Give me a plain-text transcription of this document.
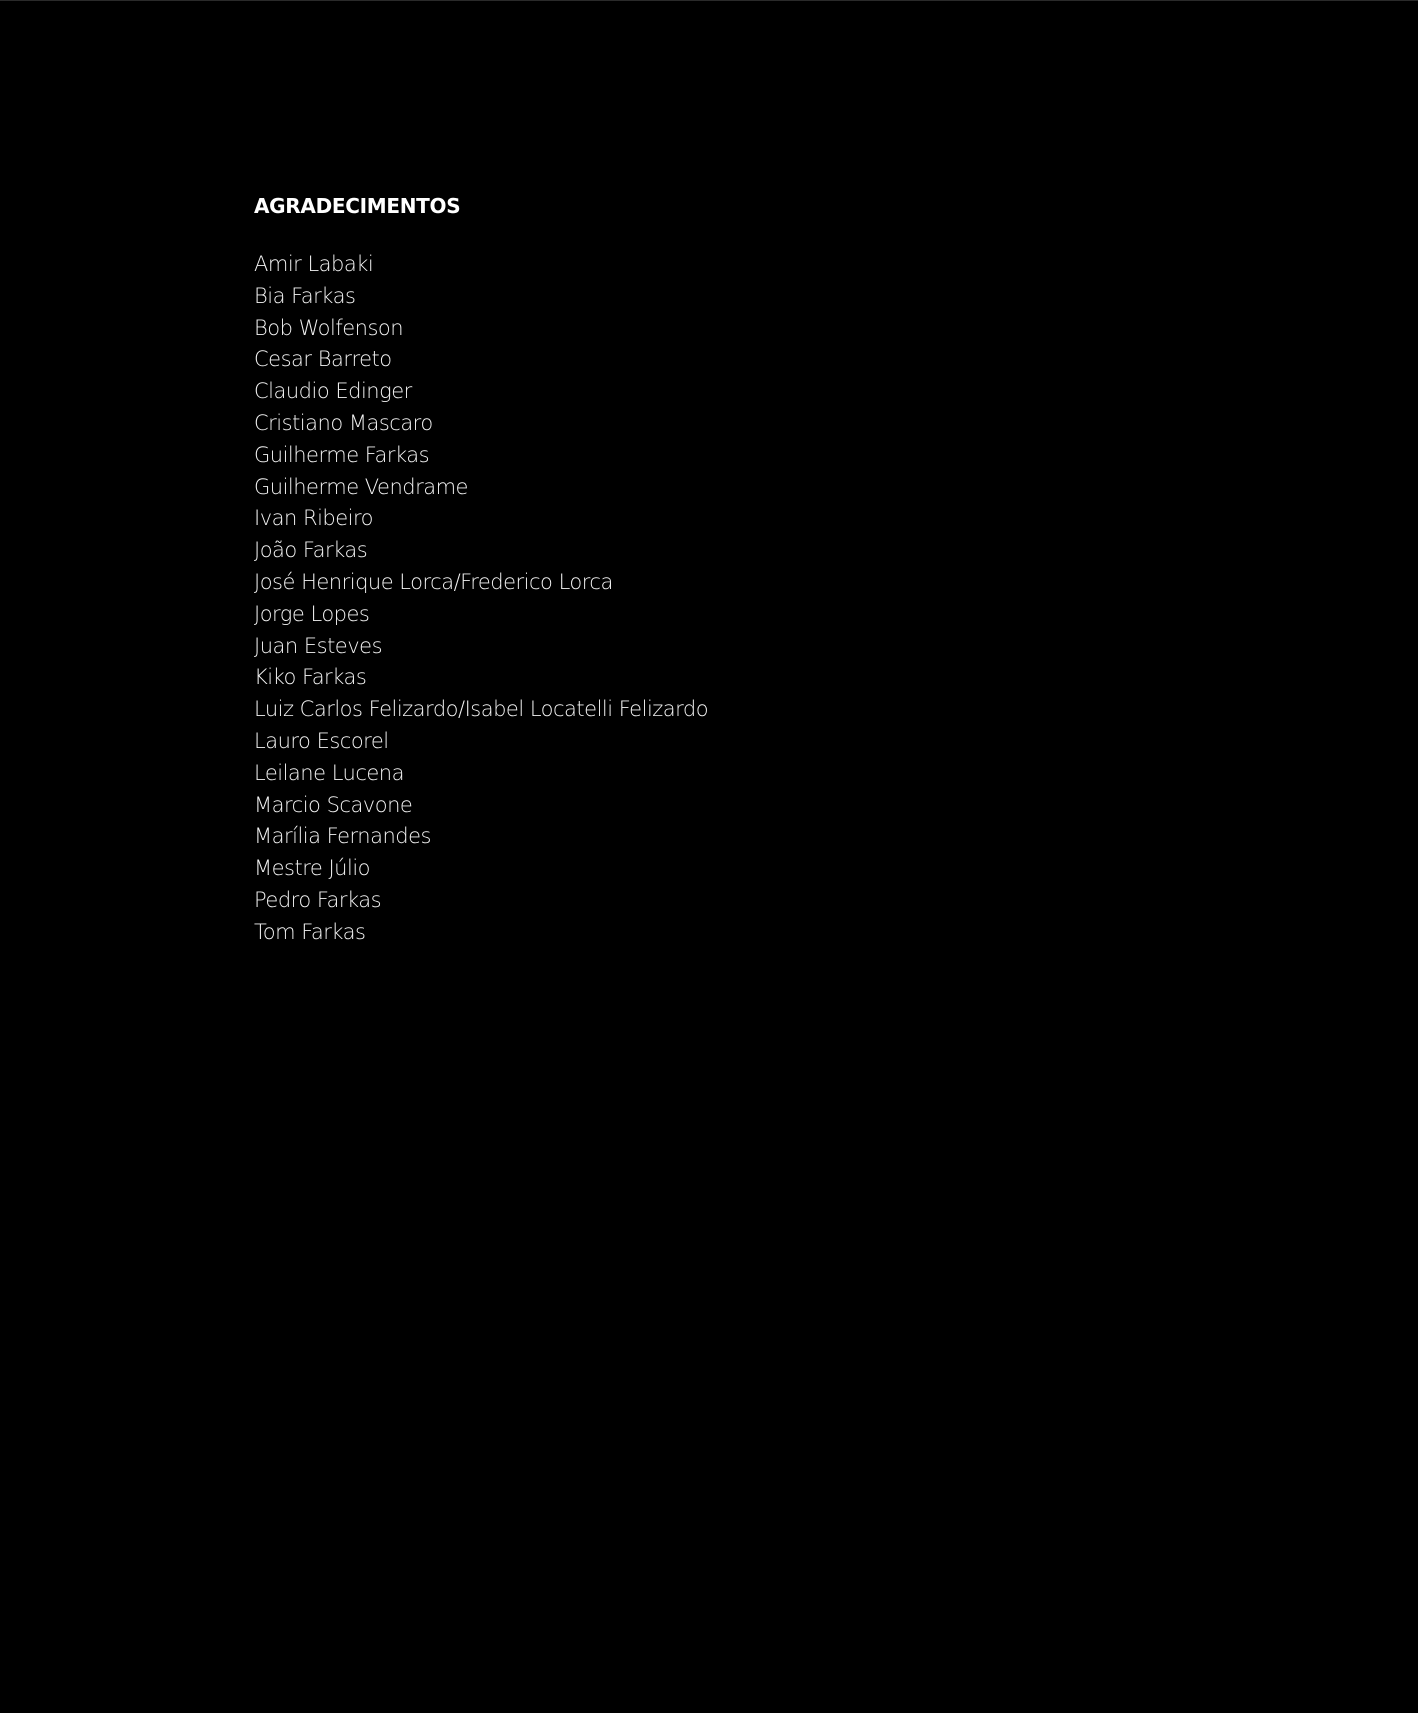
AGRADECIMENTOS
Amir Labaki
Bia Farkas
Bob Wolfenson
Cesar Barreto
Claudio Edinger
Cristiano Mascaro
Guilherme Farkas
Guilherme Vendrame
Ivan Ribeiro
João Farkas
José Henrique Lorca/Frederico Lorca
Jorge Lopes
Juan Esteves
Kiko Farkas
Luiz Carlos Felizardo/Isabel Locatelli Felizardo
Lauro Escorel
Leilane Lucena
Marcio Scavone
Marília Fernandes
Mestre Júlio
Pedro Farkas
Tom Farkas
